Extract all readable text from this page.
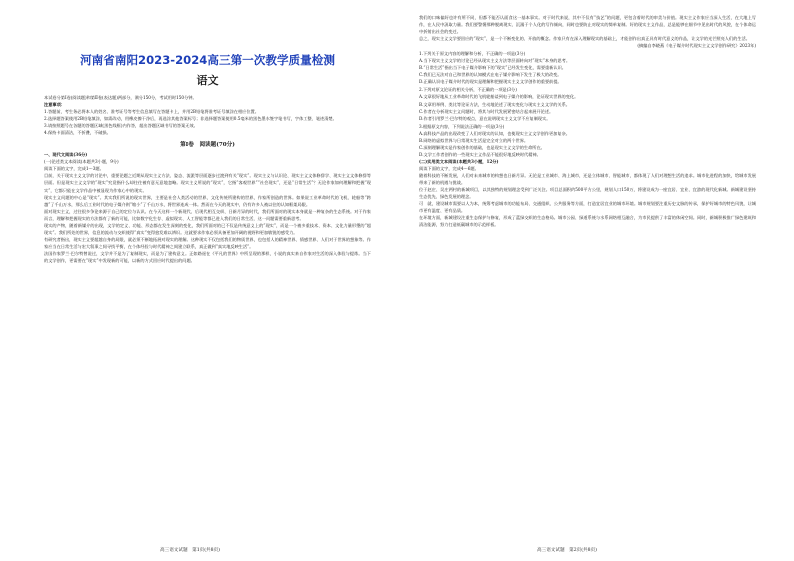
河南省南阳2023-2024高三第一次教学质量检测
语文

本试卷分第Ⅰ卷(阅读题)和第Ⅱ卷(表达题)两部分，满分150分，考试用时150分钟。

注意事项：

1.答题前，考生务必将本人的姓名、准考证号等考生信息填写在答题卡上，并用2B铅笔将准考证号填涂在相应位置。

2.选择题答案使用2B铅笔填涂，如需改动，用橡皮擦干净后，再选涂其他答案标号；非选择题答案使用0.5毫米的黑色墨水签字笔书写，字体工整、笔迹清楚。

3.请按照题号在各题的答题区域(黑色线框)内作答，超出答题区域书写的答案无效。

4.保持卡面清洁，不折叠，不破损。

第Ⅰ卷　阅读题(70分)

一、现代文阅读(36分)

(一)论述类文本阅读(本题共3小题，9分)

阅读下面的文字，完成1～3题。

目前，关于现实主义文学的讨论中，重要论题之近期从现实主义方法、姿态、流派等层面逐步过渡到有关“现实”。现实主义与认识论、现实主义文体修辞学、现实主义文体修辞等层面。但是现实主义文学的“现实”究竟指什么却往往被有意无意地忽略。现实主义所说的“现实”，它指“客观世界”“社会现实”，还是“日常生活”？无论作家如何理解和把握“现实”，它都只能在文学作品中被显现为作家心中的现实。

现实主义问题的中心是“现实”。其实我们所说的现实世界，主要是社会人类活动的世界，文化传统所建构的世界，作家所创造的世界。如果说工业革命时代的飞机、轮船等“跨越”了千山万水，那么后工业时代的电子媒介则“缩小”了千山万水，将世界连成一体。然而在今天的现实中，仍有许多人被以往的认知框架局限。

面对现实主义，过往很多争论来源于自己的定位与认识。在今天这样一个新现代、后现代相互交织、日新月异的时代，我们所面对的现实本身就是一种复杂的生态系统。对于作家而言，理解和把握现实的方法都有了新的可能，比如数字化生存、虚拟现实、人工智能等都已进入我们的日常生活，这一问题需要重新思考。

现实的产物，随着新媒介的出现，文学的定义、功能、形态都在发生深刻的变化，我们所面对的已不仅是传统意义上的“现实”，而是一个被多重技术、资本、文化力量形塑的“超现实”。我们所处的世界，信息的流动与交织使得“真实”变得愈发难以辨识。这就要求作家必须具备更加开阔的视野和更加敏锐的感受力。

有研究者指出，现实主义要超越自身的局限，就必须不断地拓展对现实的理解。这种现实不仅包括我们的物质世界，也包括人的精神世界、情感世界、人们对于世界的想象等。作家应当在日常生活与宏大叙事之间寻找平衡，在个体经验与时代精神之间建立联系，真正做到“真实地反映生活”。

法国作家罗兰·巴尔特曾说过，文学并不是为了复制现实，而是为了建构意义。正如路遥在《平凡的世界》中所呈现的那样，小说的真实来自作家对生活的深入体验与提炼。当下的文学创作，更需要在“现实”中发现新的可能，以新的方式回应时代提出的问题。

高三语文试题　第1页(共8页)

我们的口味偏好也许有所不同，但都不能否认面食这一基本事实。对于时代来说，其中不仅有“技艺”的问题，更包含着时代的审美与价值。现实主义作家应当深入生活，在大地上写作，在人民中汲取力量。我们要警惕那种脱离现实、沉溺于个人化的写作倾向，同时也要防止对现实的简单复制。好的现实主义作品，总是能够在细节中见出时代的风貌，在个体命运中折射出社会的变迁。

总之，现实主义文学要回应的“现实”，是一个不断变化的、开放的概念。作家只有在深入理解现实的基础上，才能创作出真正具有时代意义的作品，让文学的光芒照亮人们的生活。

(摘编自李晓燕《电子媒介时代现实主义文学创作研究》2023年)

1.下列关于原文内容的理解和分析，不正确的一项是(3分)

A.当下现实主义文学的讨论已经从现实主义方法等层面转向对“现实”本身的思考。

B.“日常生活”指出当下电子媒介影响下的“现实”已经发生变化，需要重新认识。

C.我们已无法对自己和世界的认知模式在电子媒介影响下发生了极大的改变。

D.正确认识电子媒介时代的现实是理解和把握现实主义文学创作的重要前提。

2.下列对原文论证的相关分析，不正确的一项是(3分)

A.文章很好地从工业革命时代的飞机轮船谈到电子媒介的影响，论证现实世界的变化。

B.文章用举例、类比等论证方法，生动地论述了现实变化与现实主义文学的关系。

C.作者在分析现实主义问题时，将其与时代发展紧密结合起来展开论述。

D.作者引用罗兰·巴尔特的观点，意在说明现实主义文学不应复制现实。

3.根据原文内容，下列说法正确的一项是(3分)

A.高科技产品的出现改变了人们对现实的认知，也使现实主义文学创作更加复杂。

B.网络的虚拟世界与日常现实生活是完全对立的两个世界。

C.深刻理解现实是作家创作的基础，也是现实主义文学的生命所在。

D.文学工作者创作的一些现实主义作品不能很好地反映时代精神。

(二)实用类文本阅读(本题共3小题，12分)

阅读下面的文字，完成4～6题。

随着科技的不断发展，人们对未来城市的构想也日新月异。无论是工业城市、海上城市，还是立体城市、智能城市，都体现了人们对理想生活的追求。城市化进程的加快，给城市发展带来了新的机遇与挑战。

位于赵庄、吴庄两村的新城项目，以其独特的规划理念受到广泛关注。项目总面积约500平方公里，规划人口150万，将建设成为一座宜居、宜业、宜游的现代化新城。新城建设坚持生态优先、绿色发展的理念。

可　就，建设城市需要以人为本，统筹考虑城市的功能布局、交通组织、公共服务等方面，打造宜居宜业的城市环境。城市规划要注重历史文脉的传承，保护好城市的特色风貌，让城市更有温度、更有品质。

在环境方面，新城建设注重生态保护与修复，形成了蓝绿交织的生态格局。城市公园、绿道系统与水系网络相互融合，为市民提供了丰富的休闲空间。同时，新城积极推广绿色建筑和清洁能源，努力打造低碳城市的示范样板。

高三语文试题　第2页(共8页)
